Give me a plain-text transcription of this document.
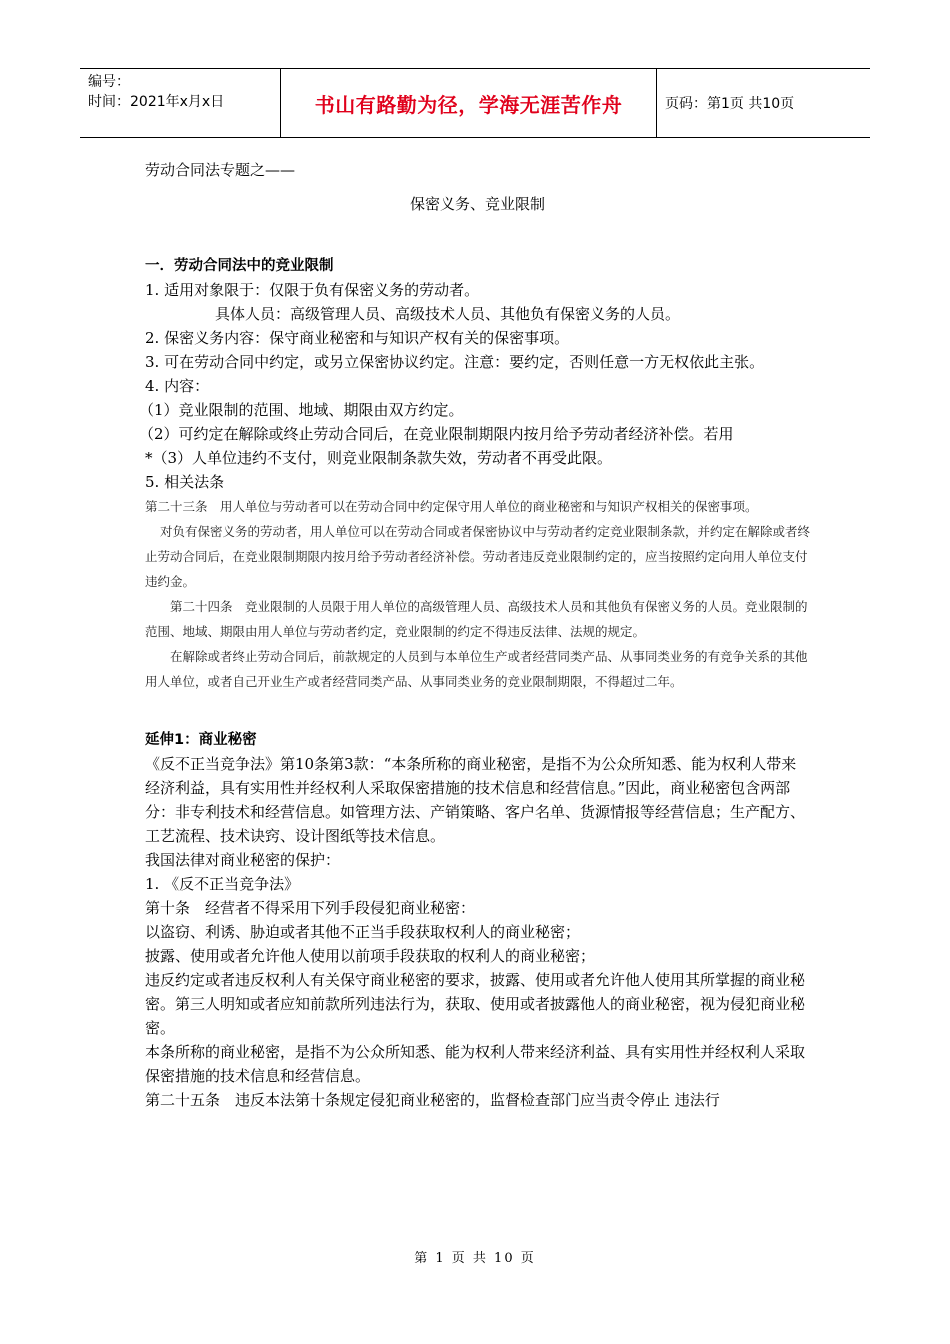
编号：
时间：2021年x月x日	书山有路勤为径，学海无涯苦作舟	页码：第1页 共10页

劳动合同法专题之——

保密义务、竞业限制

一．劳动合同法中的竞业限制

1. 适用对象限于：仅限于负有保密义务的劳动者。

具体人员：高级管理人员、高级技术人员、其他负有保密义务的人员。

2. 保密义务内容：保守商业秘密和与知识产权有关的保密事项。

3. 可在劳动合同中约定，或另立保密协议约定。注意：要约定，否则任意一方无权依此主张。

4. 内容：

（1）竞业限制的范围、地域、期限由双方约定。

（2）可约定在解除或终止劳动合同后，在竞业限制期限内按月给予劳动者经济补偿。若用

*（3）人单位违约不支付，则竞业限制条款失效，劳动者不再受此限。

5. 相关法条

第二十三条　用人单位与劳动者可以在劳动合同中约定保守用人单位的商业秘密和与知识产权相关的保密事项。

对负有保密义务的劳动者，用人单位可以在劳动合同或者保密协议中与劳动者约定竞业限制条款，并约定在解除或者终止劳动合同后，在竞业限制期限内按月给予劳动者经济补偿。劳动者违反竞业限制约定的，应当按照约定向用人单位支付违约金。

第二十四条　竞业限制的人员限于用人单位的高级管理人员、高级技术人员和其他负有保密义务的人员。竞业限制的范围、地域、期限由用人单位与劳动者约定，竞业限制的约定不得违反法律、法规的规定。

在解除或者终止劳动合同后，前款规定的人员到与本单位生产或者经营同类产品、从事同类业务的有竞争关系的其他用人单位，或者自己开业生产或者经营同类产品、从事同类业务的竞业限制期限，不得超过二年。

延伸1：商业秘密

《反不正当竞争法》第10条第3款：“本条所称的商业秘密，是指不为公众所知悉、能为权利人带来经济利益，具有实用性并经权利人采取保密措施的技术信息和经营信息。”因此，商业秘密包含两部分：非专利技术和经营信息。如管理方法、产销策略、客户名单、货源情报等经营信息；生产配方、工艺流程、技术诀窍、设计图纸等技术信息。

我国法律对商业秘密的保护：

1. 《反不正当竞争法》

第十条　经营者不得采用下列手段侵犯商业秘密：

以盗窃、利诱、胁迫或者其他不正当手段获取权利人的商业秘密；

披露、使用或者允许他人使用以前项手段获取的权利人的商业秘密；

违反约定或者违反权利人有关保守商业秘密的要求，披露、使用或者允许他人使用其所掌握的商业秘密。第三人明知或者应知前款所列违法行为，获取、使用或者披露他人的商业秘密，视为侵犯商业秘密。

本条所称的商业秘密，是指不为公众所知悉、能为权利人带来经济利益、具有实用性并经权利人采取保密措施的技术信息和经营信息。

第二十五条　违反本法第十条规定侵犯商业秘密的，监督检查部门应当责令停止 违法行

第 1 页 共 10 页
